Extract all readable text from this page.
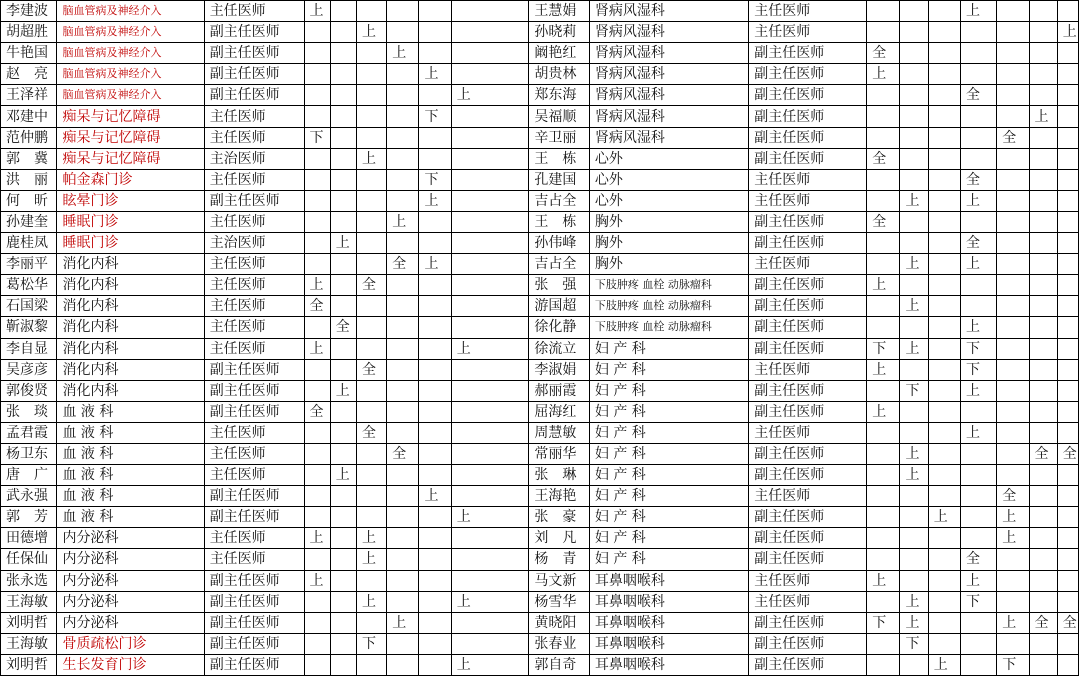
李建波	脑血管病及神经介入	主任医师	上						王慧娟	肾病风湿科	主任医师				上			
胡超胜	脑血管病及神经介入	副主任医师			上				孙晓莉	肾病风湿科	主任医师							上
牛艳国	脑血管病及神经介入	副主任医师				上			阚艳红	肾病风湿科	副主任医师	全						
赵　亮	脑血管病及神经介入	副主任医师					上		胡贵林	肾病风湿科	副主任医师	上						
王泽祥	脑血管病及神经介入	副主任医师						上	郑东海	肾病风湿科	副主任医师				全			
邓建中	痴呆与记忆障碍	主任医师					下		吴福顺	肾病风湿科	副主任医师						上	
范仲鹏	痴呆与记忆障碍	主任医师	下						辛卫丽	肾病风湿科	副主任医师					全		
郭　冀	痴呆与记忆障碍	主治医师			上				王　栋	心外	副主任医师	全						
洪　丽	帕金森门诊	主任医师					下		孔建国	心外	主任医师				全			
何　昕	眩晕门诊	副主任医师					上		吉占全	心外	主任医师		上		上			
孙建奎	睡眠门诊	主任医师				上			王　栋	胸外	副主任医师	全						
鹿桂凤	睡眠门诊	主治医师		上					孙伟峰	胸外	副主任医师				全			
李丽平	消化内科	主任医师				全	上		吉占全	胸外	主任医师		上		上			
葛松华	消化内科	主任医师	上		全				张　强	下肢肿疼 血栓 动脉瘤科	副主任医师	上						
石国梁	消化内科	主任医师	全						游国超	下肢肿疼 血栓 动脉瘤科	副主任医师		上					
靳淑黎	消化内科	主任医师		全					徐化静	下肢肿疼 血栓 动脉瘤科	副主任医师				上			
李自显	消化内科	主任医师	上					上	徐流立	妇 产 科	副主任医师	下	上		下			
吴彦彦	消化内科	副主任医师			全				李淑娟	妇 产 科	主任医师	上			下			
郭俊贤	消化内科	副主任医师		上					郝丽霞	妇 产 科	副主任医师		下		上			
张　琰	血 液 科	副主任医师	全						屈海红	妇 产 科	副主任医师	上						
孟君霞	血 液 科	主任医师			全				周慧敏	妇 产 科	主任医师				上			
杨卫东	血 液 科	主任医师				全			常丽华	妇 产 科	副主任医师		上				全	全
唐　广	血 液 科	主任医师		上					张　琳	妇 产 科	副主任医师		上					
武永强	血 液 科	副主任医师					上		王海艳	妇 产 科	主任医师					全		
郭　芳	血 液 科	副主任医师						上	张　豪	妇 产 科	副主任医师			上		上		
田德增	内分泌科	主任医师	上		上				刘　凡	妇 产 科	副主任医师					上		
任保仙	内分泌科	主任医师			上				杨　青	妇 产 科	副主任医师				全			
张永选	内分泌科	副主任医师	上						马文新	耳鼻咽喉科	主任医师	上			上			
王海敏	内分泌科	副主任医师			上			上	杨雪华	耳鼻咽喉科	主任医师		上		下			
刘明哲	内分泌科	副主任医师				上			黄晓阳	耳鼻咽喉科	副主任医师	下	上			上	全	全
王海敏	骨质疏松门诊	副主任医师			下				张春业	耳鼻咽喉科	副主任医师		下					
刘明哲	生长发育门诊	副主任医师						上	郭自奇	耳鼻咽喉科	副主任医师			上		下		
